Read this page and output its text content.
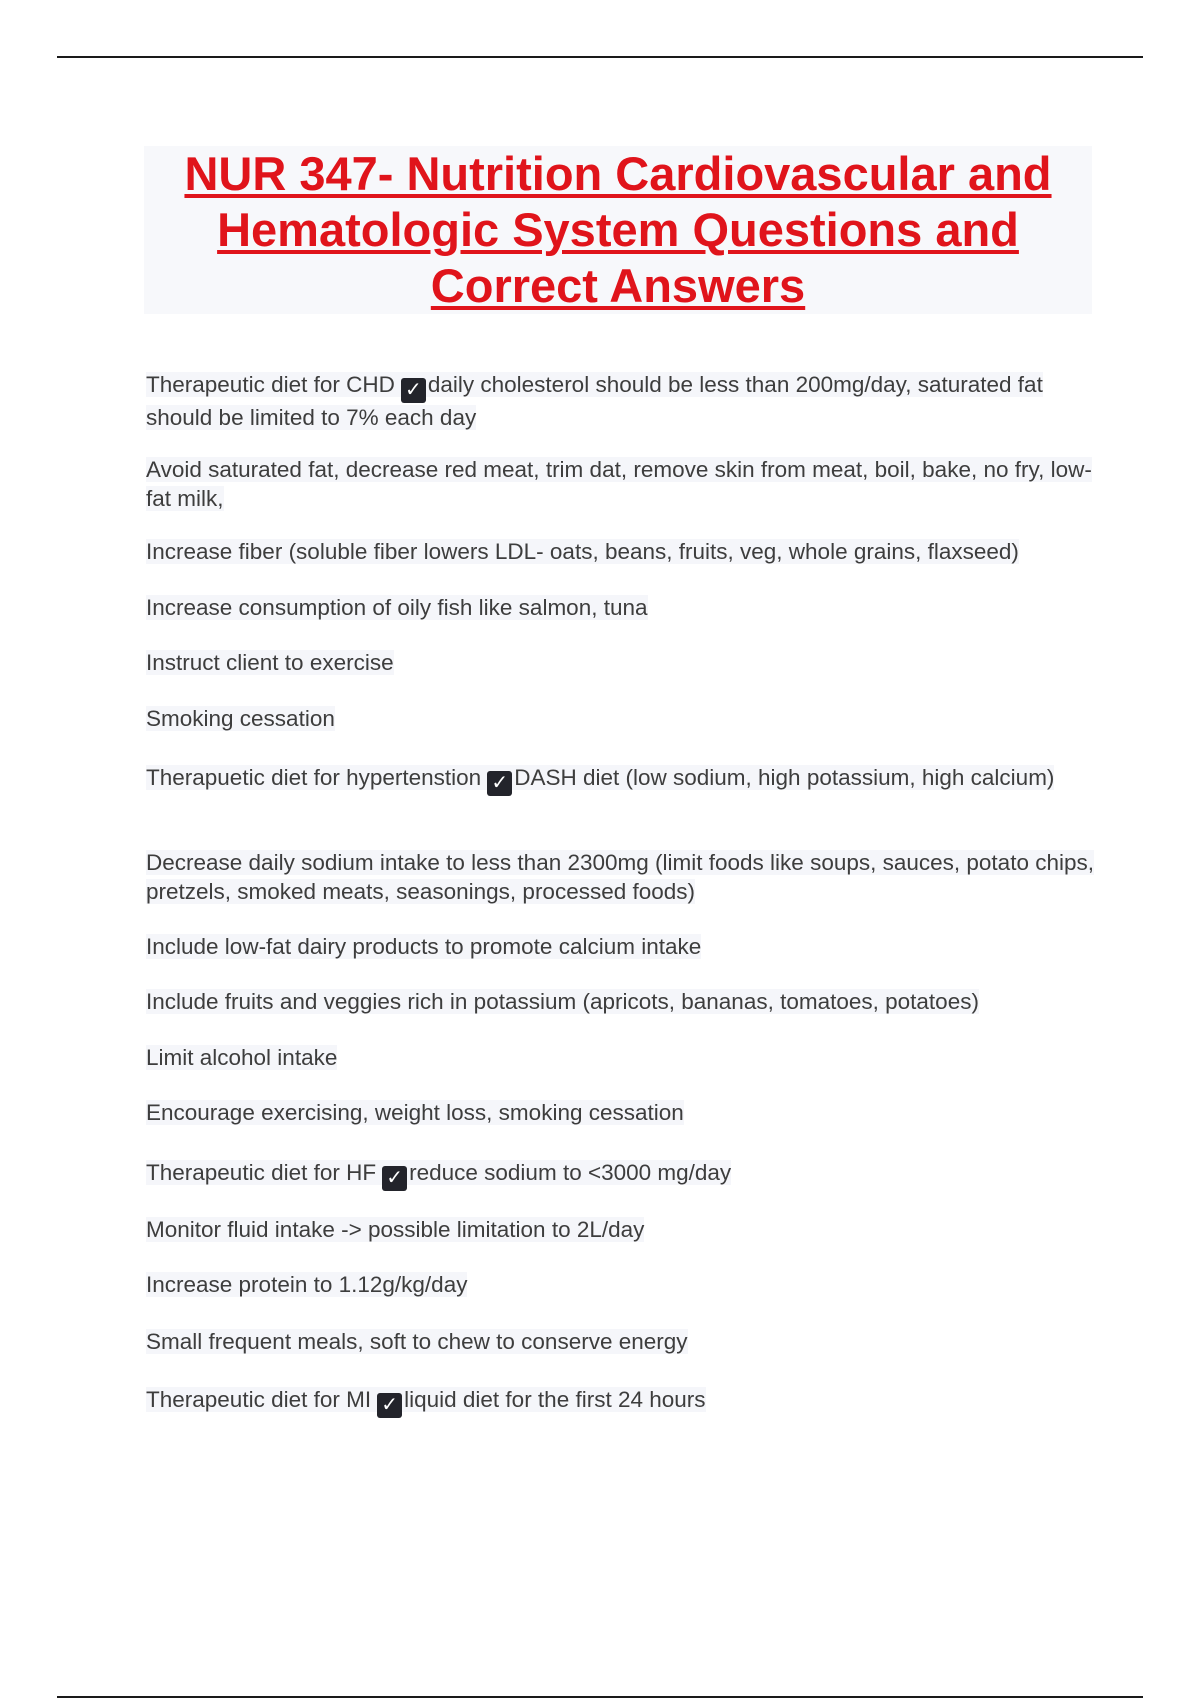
NUR 347- Nutrition Cardiovascular and Hematologic System Questions and Correct Answers
Therapeutic diet for CHD ✓ daily cholesterol should be less than 200mg/day, saturated fat should be limited to 7% each day
Avoid saturated fat, decrease red meat, trim dat, remove skin from meat, boil, bake, no fry, low-fat milk,
Increase fiber (soluble fiber lowers LDL- oats, beans, fruits, veg, whole grains, flaxseed)
Increase consumption of oily fish like salmon, tuna
Instruct client to exercise
Smoking cessation
Therapuetic diet for hypertenstion ✓ DASH diet (low sodium, high potassium, high calcium)
Decrease daily sodium intake to less than 2300mg (limit foods like soups, sauces, potato chips, pretzels, smoked meats, seasonings, processed foods)
Include low-fat dairy products to promote calcium intake
Include fruits and veggies rich in potassium (apricots, bananas, tomatoes, potatoes)
Limit alcohol intake
Encourage exercising, weight loss, smoking cessation
Therapeutic diet for HF ✓ reduce sodium to <3000 mg/day
Monitor fluid intake -> possible limitation to 2L/day
Increase protein to 1.12g/kg/day
Small frequent meals, soft to chew to conserve energy
Therapeutic diet for MI ✓ liquid diet for the first 24 hours
